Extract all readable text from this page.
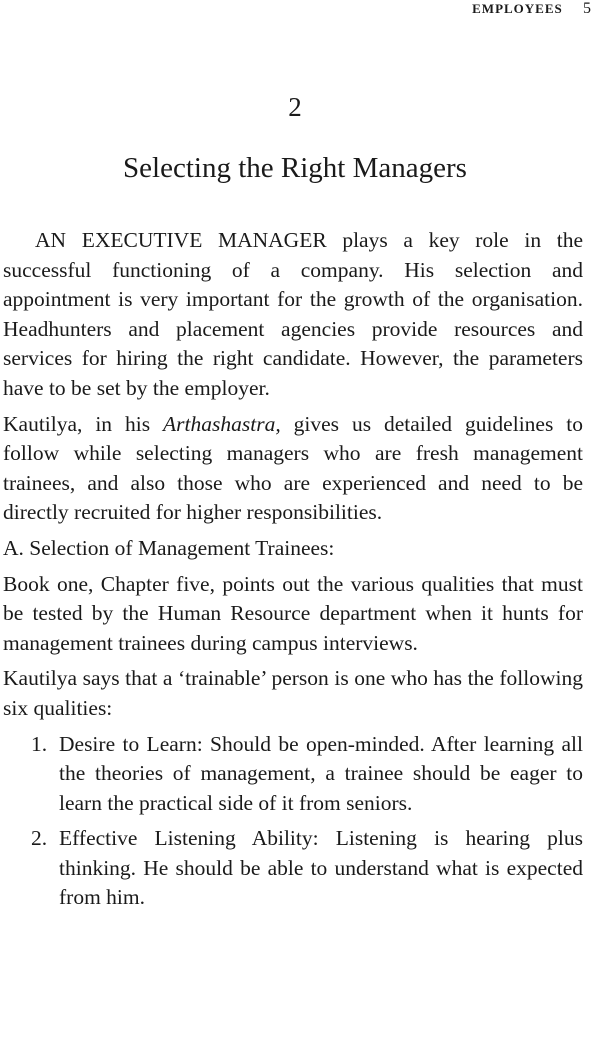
EMPLOYEES 5
2
Selecting the Right Managers

AN EXECUTIVE MANAGER plays a key role in the successful functioning of a company. His selection and appointment is very important for the growth of the organisation. Headhunters and placement agencies provide resources and services for hiring the right candidate. However, the parameters have to be set by the employer.

Kautilya, in his Arthashastra, gives us detailed guidelines to follow while selecting managers who are fresh management trainees, and also those who are experienced and need to be directly recruited for higher responsibilities.

A. Selection of Management Trainees:

Book one, Chapter five, points out the various qualities that must be tested by the Human Resource department when it hunts for management trainees during campus interviews.

Kautilya says that a ‘trainable’ person is one who has the following six qualities:

1. Desire to Learn: Should be open-minded. After learning all the theories of management, a trainee should be eager to learn the practical side of it from seniors.
2. Effective Listening Ability: Listening is hearing plus thinking. He should be able to understand what is expected from him.
